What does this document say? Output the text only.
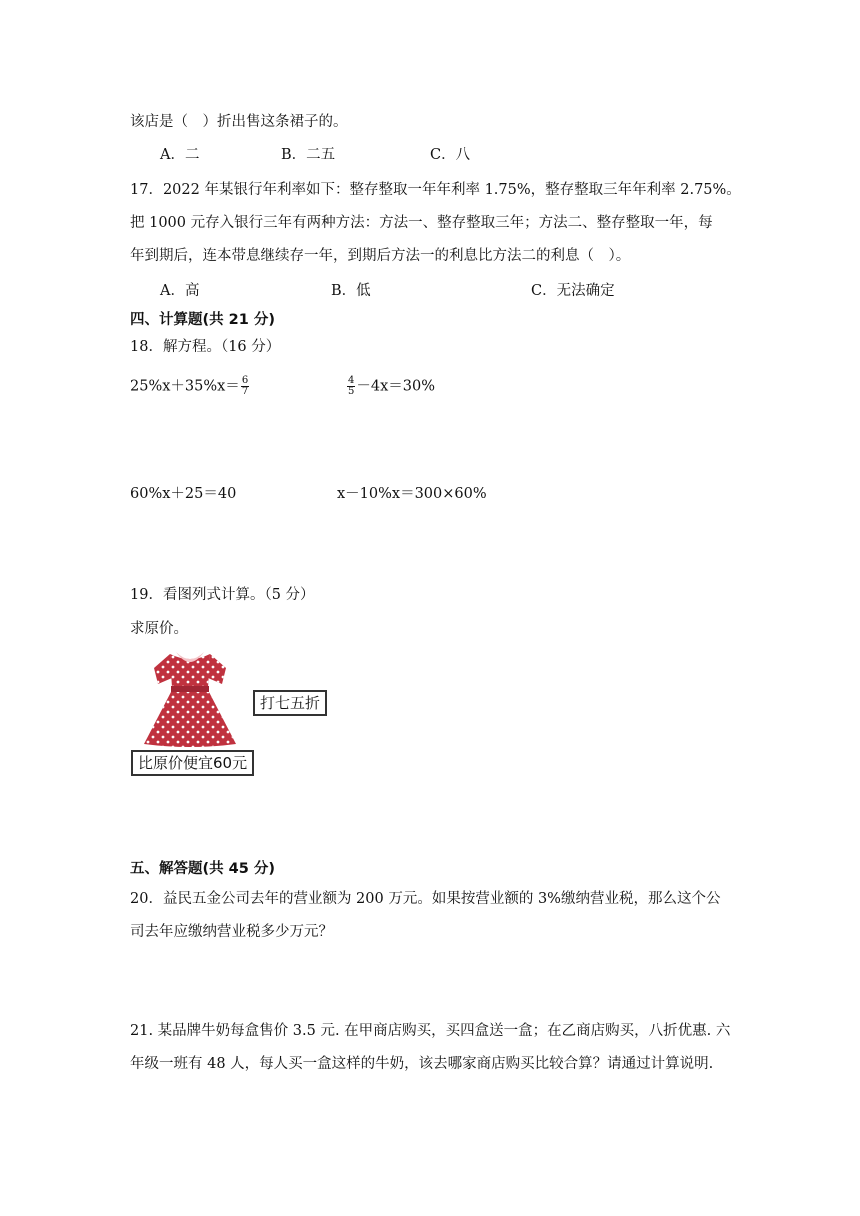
该店是（　）折出售这条裙子的。
A．二	B．二五	C．八
17．2022 年某银行年利率如下：整存整取一年年利率 1.75%，整存整取三年年利率 2.75%。
把 1000 元存入银行三年有两种方法：方法一、整存整取三年；方法二、整存整取一年，每
年到期后，连本带息继续存一年，到期后方法一的利息比方法二的利息（　）。
A．高	B．低	C．无法确定
四、计算题(共 21 分)
18．解方程。（16 分）
$25\%x+35\%x= \frac{6}{7}$	$\frac{4}{5} -4x=30\%$
60%x＋25＝40	x－10%x＝300×60%
19．看图列式计算。（5 分）
求原价。
打七五折
比原价便宜60元
五、解答题(共 45 分)
20．益民五金公司去年的营业额为 200 万元。如果按营业额的 3%缴纳营业税，那么这个公
司去年应缴纳营业税多少万元？
21. 某品牌牛奶每盒售价 3.5 元. 在甲商店购买，买四盒送一盒；在乙商店购买，八折优惠. 六
年级一班有 48 人，每人买一盒这样的牛奶，该去哪家商店购买比较合算？请通过计算说明.
